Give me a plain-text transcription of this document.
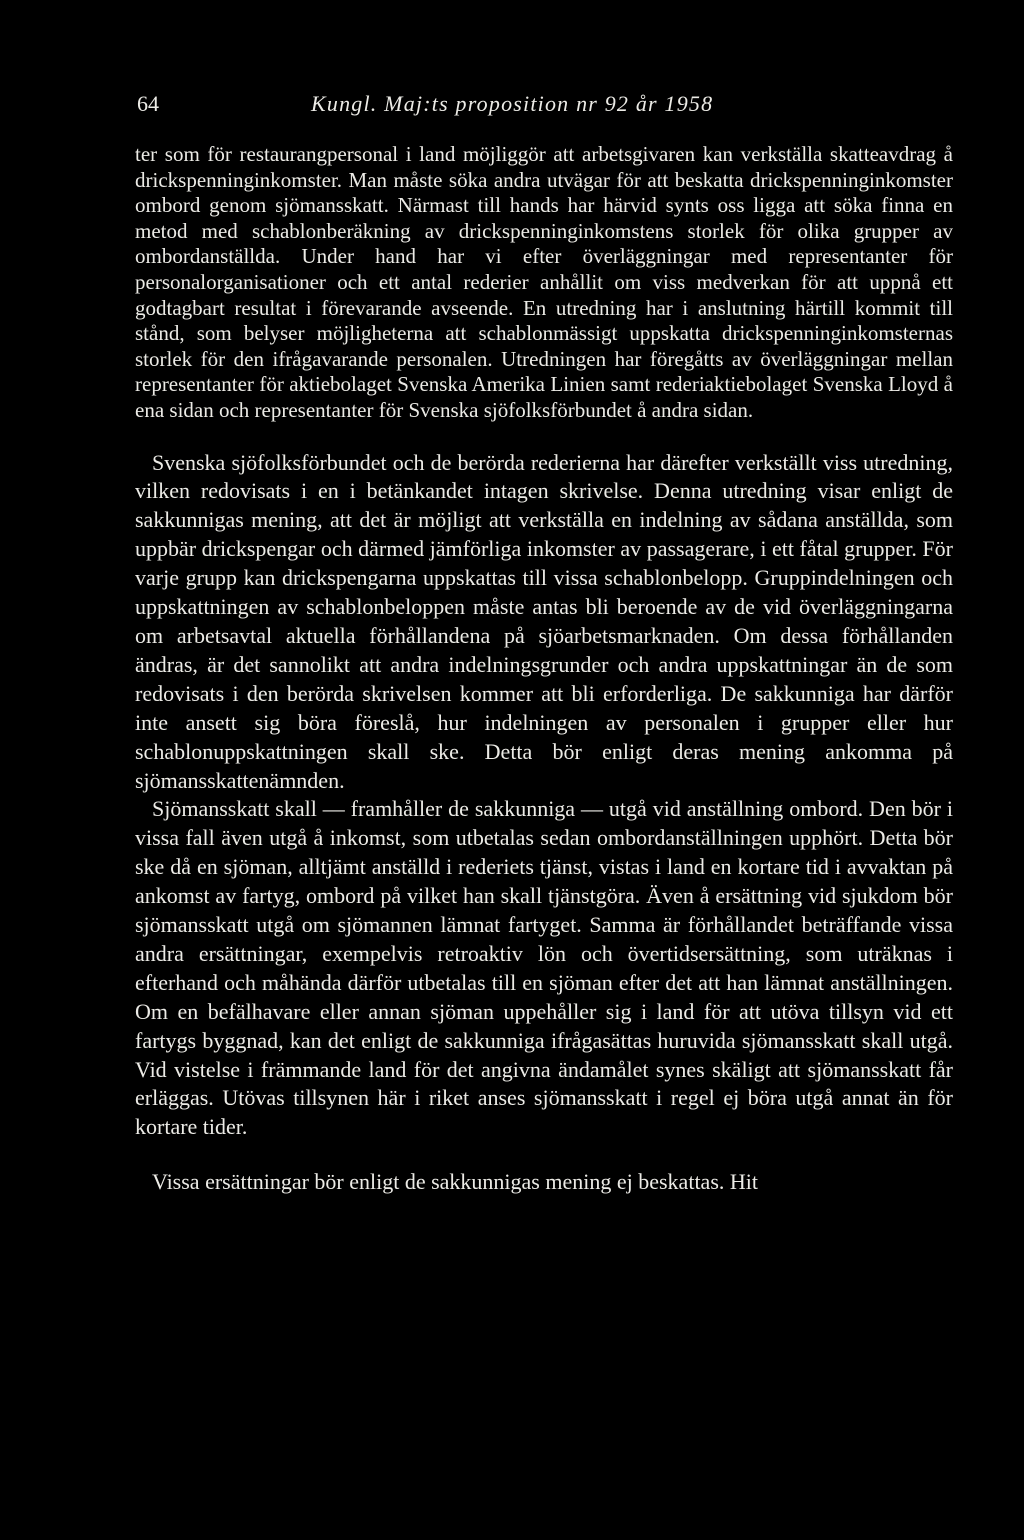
64	Kungl. Maj:ts proposition nr 92 år 1958

ter som för restaurangpersonal i land möjliggör att arbetsgivaren kan verkställa skatteavdrag å drickspenninginkomster. Man måste söka andra utvägar för att beskatta drickspenninginkomster ombord genom sjömansskatt. Närmast till hands har härvid synts oss ligga att söka finna en metod med schablonberäkning av drickspenninginkomstens storlek för olika grupper av ombordanställda. Under hand har vi efter överläggningar med representanter för personalorganisationer och ett antal rederier anhållit om viss medverkan för att uppnå ett godtagbart resultat i förevarande avseende. En utredning har i anslutning härtill kommit till stånd, som belyser möjligheterna att schablonmässigt uppskatta drickspenninginkomsternas storlek för den ifrågavarande personalen. Utredningen har föregåtts av överläggningar mellan representanter för aktiebolaget Svenska Amerika Linien samt rederiaktiebolaget Svenska Lloyd å ena sidan och representanter för Svenska sjöfolksförbundet å andra sidan.

Svenska sjöfolksförbundet och de berörda rederierna har därefter verkställt viss utredning, vilken redovisats i en i betänkandet intagen skrivelse. Denna utredning visar enligt de sakkunnigas mening, att det är möjligt att verkställa en indelning av sådana anställda, som uppbär drickspengar och därmed jämförliga inkomster av passagerare, i ett fåtal grupper. För varje grupp kan drickspengarna uppskattas till vissa schablonbelopp. Gruppindelningen och uppskattningen av schablonbeloppen måste antas bli beroende av de vid överläggningarna om arbetsavtal aktuella förhållandena på sjöarbetsmarknaden. Om dessa förhållanden ändras, är det sannolikt att andra indelningsgrunder och andra uppskattningar än de som redovisats i den berörda skrivelsen kommer att bli erforderliga. De sakkunniga har därför inte ansett sig böra föreslå, hur indelningen av personalen i grupper eller hur schablonuppskattningen skall ske. Detta bör enligt deras mening ankomma på sjömansskattenämnden.

Sjömansskatt skall — framhåller de sakkunniga — utgå vid anställning ombord. Den bör i vissa fall även utgå å inkomst, som utbetalas sedan ombordanställningen upphört. Detta bör ske då en sjöman, alltjämt anställd i rederiets tjänst, vistas i land en kortare tid i avvaktan på ankomst av fartyg, ombord på vilket han skall tjänstgöra. Även å ersättning vid sjukdom bör sjömansskatt utgå om sjömannen lämnat fartyget. Samma är förhållandet beträffande vissa andra ersättningar, exempelvis retroaktiv lön och övertidsersättning, som uträknas i efterhand och måhända därför utbetalas till en sjöman efter det att han lämnat anställningen. Om en befälhavare eller annan sjöman uppehåller sig i land för att utöva tillsyn vid ett fartygs byggnad, kan det enligt de sakkunniga ifrågasättas huruvida sjömansskatt skall utgå. Vid vistelse i främmande land för det angivna ändamålet synes skäligt att sjömansskatt får erläggas. Utövas tillsynen här i riket anses sjömansskatt i regel ej böra utgå annat än för kortare tider.

Vissa ersättningar bör enligt de sakkunnigas mening ej beskattas. Hit
